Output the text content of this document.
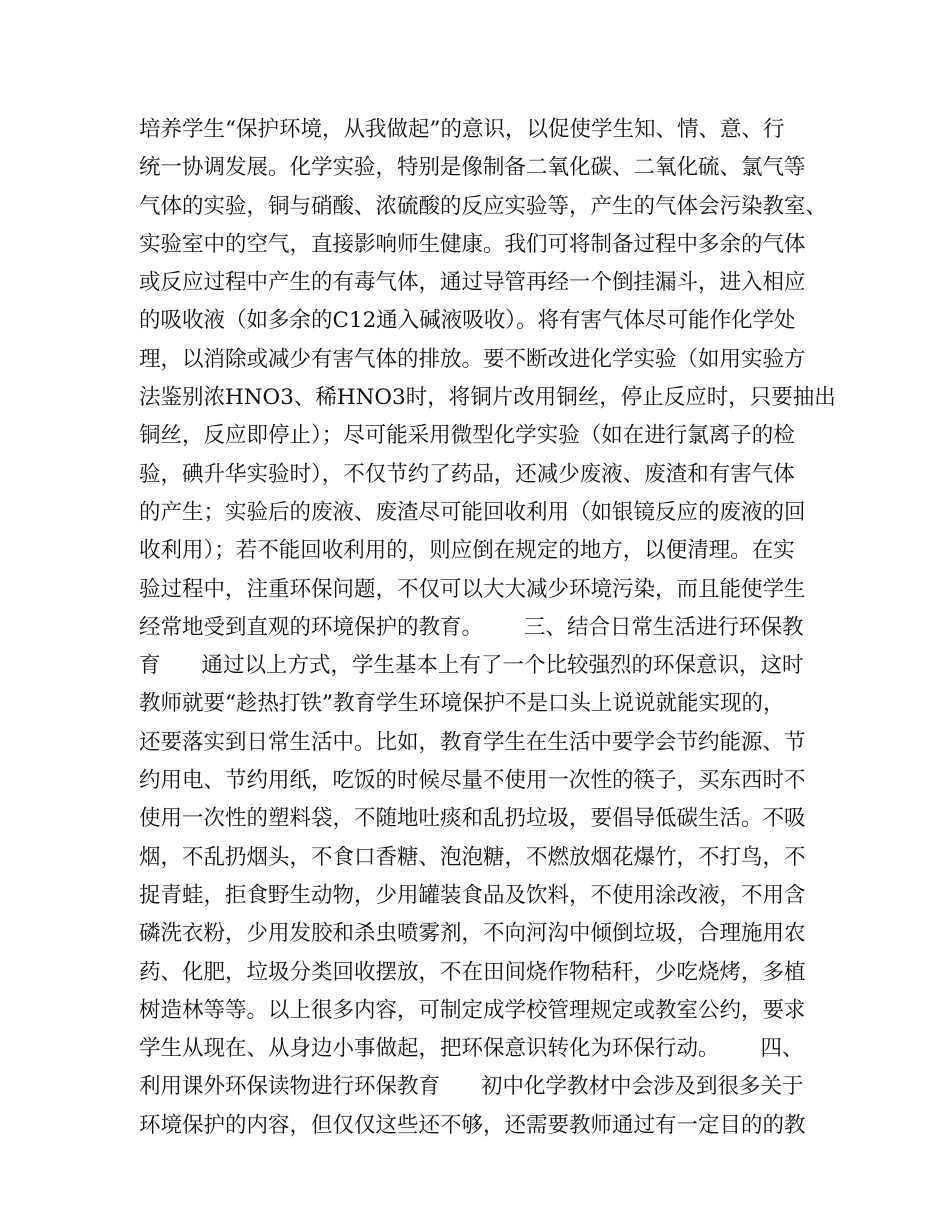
培养学生“保护环境，从我做起”的意识，以促使学生知、情、意、行
统一协调发展。化学实验，特别是像制备二氧化碳、二氧化硫、氯气等
气体的实验，铜与硝酸、浓硫酸的反应实验等，产生的气体会污染教室、
实验室中的空气，直接影响师生健康。我们可将制备过程中多余的气体
或反应过程中产生的有毒气体，通过导管再经一个倒挂漏斗，进入相应
的吸收液（如多余的C12通入碱液吸收）。将有害气体尽可能作化学处
理，以消除或减少有害气体的排放。要不断改进化学实验（如用实验方
法鉴别浓HNO3、稀HNO3时，将铜片改用铜丝，停止反应时，只要抽出
铜丝，反应即停止）；尽可能采用微型化学实验（如在进行氯离子的检
验，碘升华实验时），不仅节约了药品，还减少废液、废渣和有害气体
的产生；实验后的废液、废渣尽可能回收利用（如银镜反应的废液的回
收利用）；若不能回收利用的，则应倒在规定的地方，以便清理。在实
验过程中，注重环保问题，不仅可以大大减少环境污染，而且能使学生
经常地受到直观的环境保护的教育。      三、结合日常生活进行环保教
育      通过以上方式，学生基本上有了一个比较强烈的环保意识，这时
教师就要“趁热打铁”教育学生环境保护不是口头上说说就能实现的，
还要落实到日常生活中。比如，教育学生在生活中要学会节约能源、节
约用电、节约用纸，吃饭的时候尽量不使用一次性的筷子，买东西时不
使用一次性的塑料袋，不随地吐痰和乱扔垃圾，要倡导低碳生活。不吸
烟，不乱扔烟头，不食口香糖、泡泡糖，不燃放烟花爆竹，不打鸟，不
捉青蛙，拒食野生动物，少用罐装食品及饮料，不使用涂改液，不用含
磷洗衣粉，少用发胶和杀虫喷雾剂，不向河沟中倾倒垃圾，合理施用农
药、化肥，垃圾分类回收摆放，不在田间烧作物秸秆，少吃烧烤，多植
树造林等等。以上很多内容，可制定成学校管理规定或教室公约，要求
学生从现在、从身边小事做起，把环保意识转化为环保行动。      四、
利用课外环保读物进行环保教育      初中化学教材中会涉及到很多关于
环境保护的内容，但仅仅这些还不够，还需要教师通过有一定目的的教
